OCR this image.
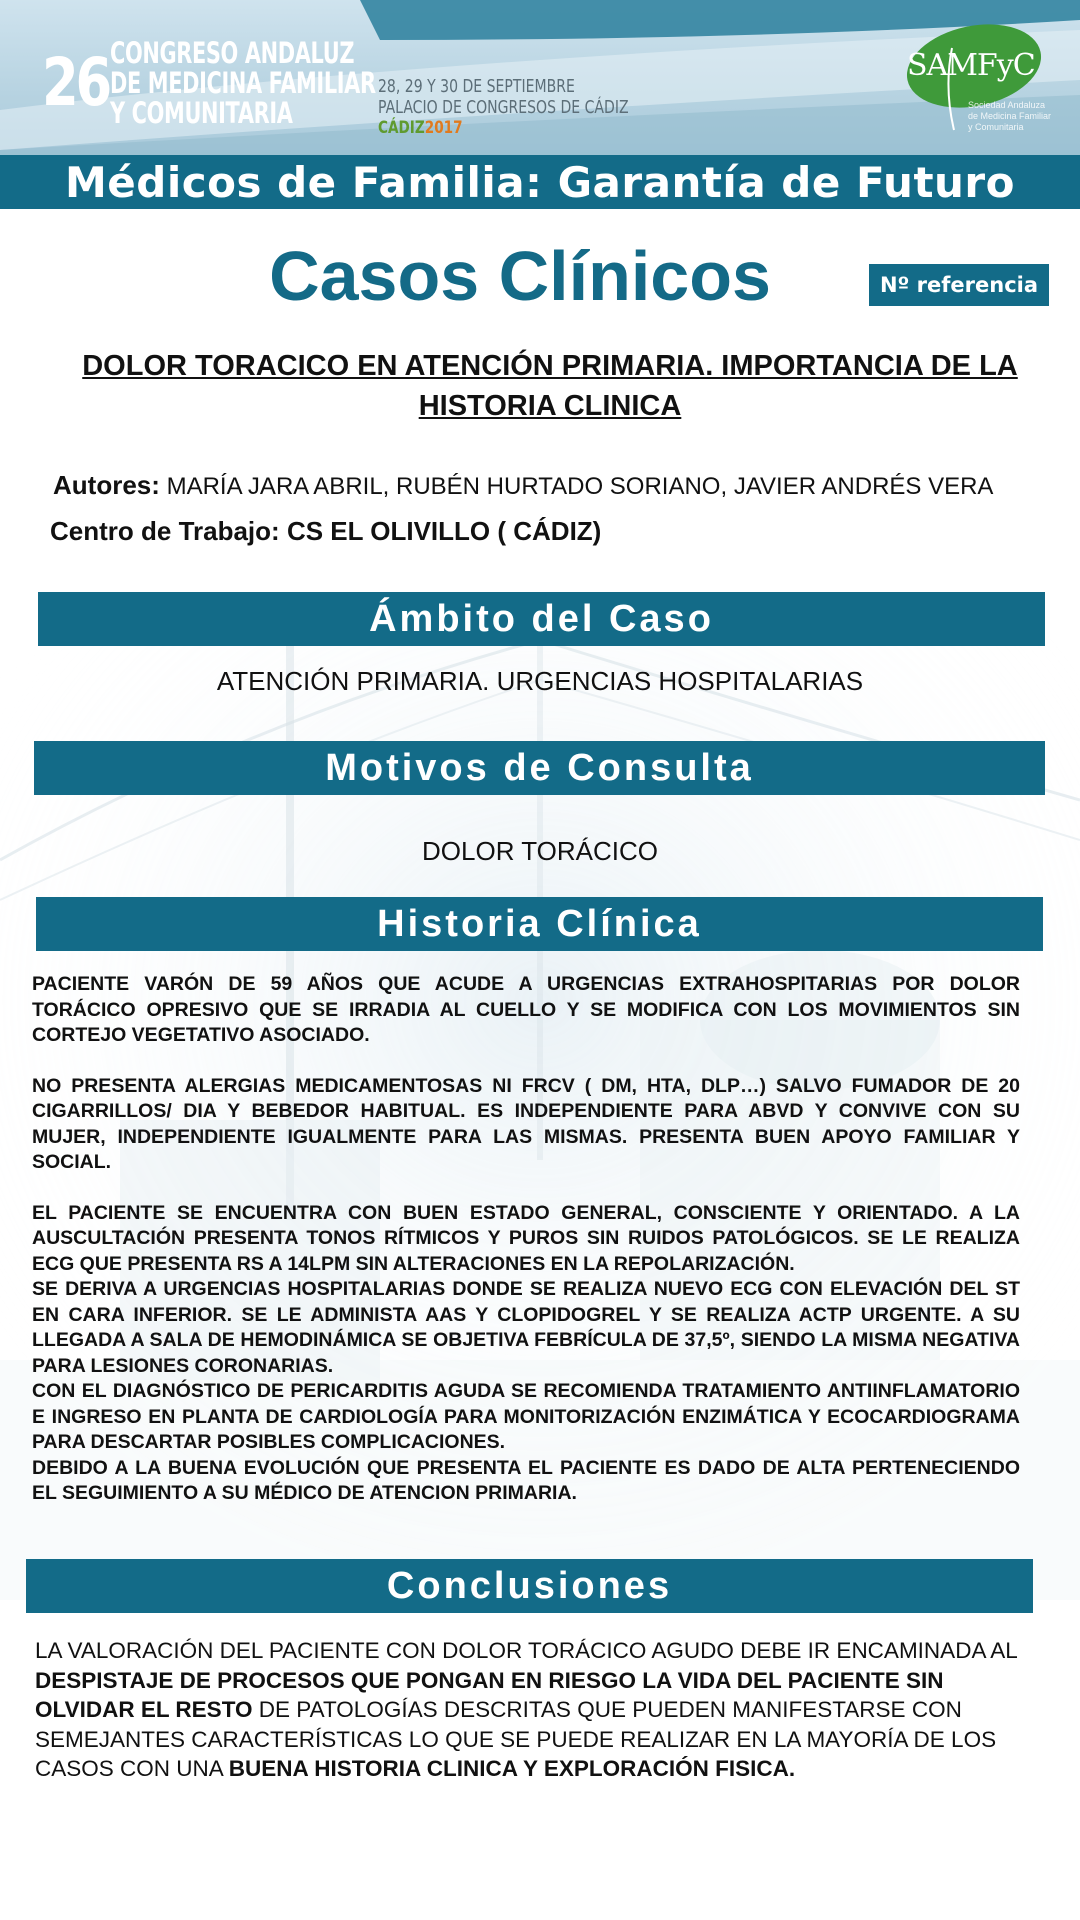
26 CONGRESO ANDALUZ
DE MEDICINA FAMILIAR
Y COMUNITARIA
28, 29 Y 30 DE SEPTIEMBRE
PALACIO DE CONGRESOS DE CÁDIZ
CÁDIZ2017
SAMFyC
Sociedad Andaluza
de Medicina Familiar
y Comunitaria
Médicos de Familia: Garantía de Futuro
Casos Clínicos	Nº referencia
DOLOR TORACICO EN ATENCIÓN PRIMARIA. IMPORTANCIA DE LA HISTORIA CLINICA
Autores: MARÍA JARA ABRIL, RUBÉN HURTADO SORIANO, JAVIER ANDRÉS VERA
Centro de Trabajo: CS EL OLIVILLO ( CÁDIZ)
Ámbito del Caso
ATENCIÓN PRIMARIA. URGENCIAS HOSPITALARIAS
Motivos de Consulta
DOLOR TORÁCICO
Historia Clínica

PACIENTE VARÓN DE 59 AÑOS QUE ACUDE A URGENCIAS EXTRAHOSPITARIAS POR DOLOR TORÁCICO OPRESIVO QUE SE IRRADIA AL CUELLO Y SE MODIFICA CON LOS MOVIMIENTOS SIN CORTEJO VEGETATIVO ASOCIADO.

NO PRESENTA ALERGIAS MEDICAMENTOSAS NI FRCV ( DM, HTA, DLP…) SALVO FUMADOR DE 20 CIGARRILLOS/ DIA Y BEBEDOR HABITUAL. ES INDEPENDIENTE PARA ABVD Y CONVIVE CON SU MUJER, INDEPENDIENTE IGUALMENTE PARA LAS MISMAS. PRESENTA BUEN APOYO FAMILIAR Y SOCIAL.

EL PACIENTE SE ENCUENTRA CON BUEN ESTADO GENERAL, CONSCIENTE Y ORIENTADO. A LA AUSCULTACIÓN PRESENTA TONOS RÍTMICOS Y PUROS SIN RUIDOS PATOLÓGICOS. SE LE REALIZA ECG QUE PRESENTA RS A 14LPM SIN ALTERACIONES EN LA REPOLARIZACIÓN.

SE DERIVA A URGENCIAS HOSPITALARIAS DONDE SE REALIZA NUEVO ECG CON ELEVACIÓN DEL ST EN CARA INFERIOR. SE LE ADMINISTA AAS Y CLOPIDOGREL Y SE REALIZA ACTP URGENTE. A SU LLEGADA A SALA DE HEMODINÁMICA SE OBJETIVA FEBRÍCULA DE 37,5º, SIENDO LA MISMA NEGATIVA PARA LESIONES CORONARIAS.

CON EL DIAGNÓSTICO DE PERICARDITIS AGUDA SE RECOMIENDA TRATAMIENTO ANTIINFLAMATORIO E INGRESO EN PLANTA DE CARDIOLOGÍA PARA MONITORIZACIÓN ENZIMÁTICA Y ECOCARDIOGRAMA PARA DESCARTAR POSIBLES COMPLICACIONES.

DEBIDO A LA BUENA EVOLUCIÓN QUE PRESENTA EL PACIENTE ES DADO DE ALTA PERTENECIENDO EL SEGUIMIENTO A SU MÉDICO DE ATENCION PRIMARIA.

Conclusiones
LA VALORACIÓN DEL PACIENTE CON DOLOR TORÁCICO AGUDO DEBE IR ENCAMINADA AL DESPISTAJE DE PROCESOS QUE PONGAN EN RIESGO LA VIDA DEL PACIENTE SIN OLVIDAR EL RESTO DE PATOLOGÍAS DESCRITAS QUE PUEDEN MANIFESTARSE CON SEMEJANTES CARACTERÍSTICAS LO QUE SE PUEDE REALIZAR EN LA MAYORÍA DE LOS CASOS CON UNA BUENA HISTORIA CLINICA Y EXPLORACIÓN FISICA.
